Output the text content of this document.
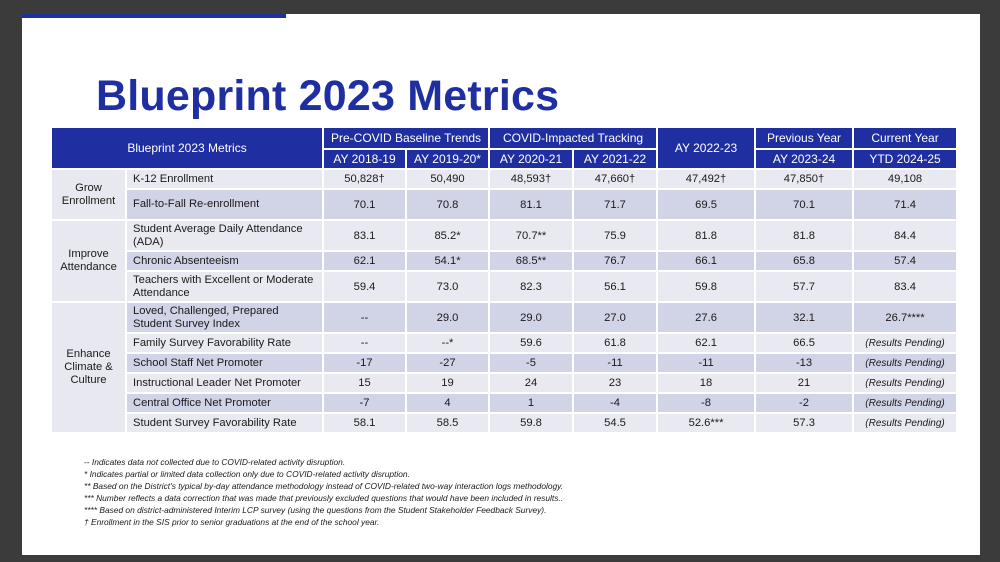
Blueprint 2023 Metrics
Blueprint 2023 Metrics		Pre-COVID Baseline Trends		COVID-Impacted Tracking		AY 2022-23	Previous Year	Current Year
		AY 2018-19	AY 2019-20*	AY 2020-21	AY 2021-22		AY 2023-24	YTD 2024-25
Grow Enrollment	K-12 Enrollment	50,828†	50,490	48,593†	47,660†	47,492†	47,850†	49,108
	Fall-to-Fall Re-enrollment	70.1	70.8	81.1	71.7	69.5	70.1	71.4
Improve Attendance	Student Average Daily Attendance (ADA)	83.1	85.2*	70.7**	75.9	81.8	81.8	84.4
	Chronic Absenteeism	62.1	54.1*	68.5**	76.7	66.1	65.8	57.4
	Teachers with Excellent or Moderate Attendance	59.4	73.0	82.3	56.1	59.8	57.7	83.4
Enhance Climate & Culture	Loved, Challenged, Prepared Student Survey Index	--	29.0	29.0	27.0	27.6	32.1	26.7****
	Family Survey Favorability Rate	--	--*	59.6	61.8	62.1	66.5	(Results Pending)
	School Staff Net Promoter	-17	-27	-5	-11	-11	-13	(Results Pending)
	Instructional Leader Net Promoter	15	19	24	23	18	21	(Results Pending)
	Central Office Net Promoter	-7	4	1	-4	-8	-2	(Results Pending)
	Student Survey Favorability Rate	58.1	58.5	59.8	54.5	52.6***	57.3	(Results Pending)
-- Indicates data not collected due to COVID-related activity disruption.
* Indicates partial or limited data collection only due to COVID-related activity disruption.
** Based on the District's typical by-day attendance methodology instead of COVID-related two-way interaction logs methodology.
*** Number reflects a data correction that was made that previously excluded questions that would have been included in results..
**** Based on district-administered Interim LCP survey (using the questions from the Student Stakeholder Feedback Survey).
† Enrollment in the SIS prior to senior graduations at the end of the school year.
